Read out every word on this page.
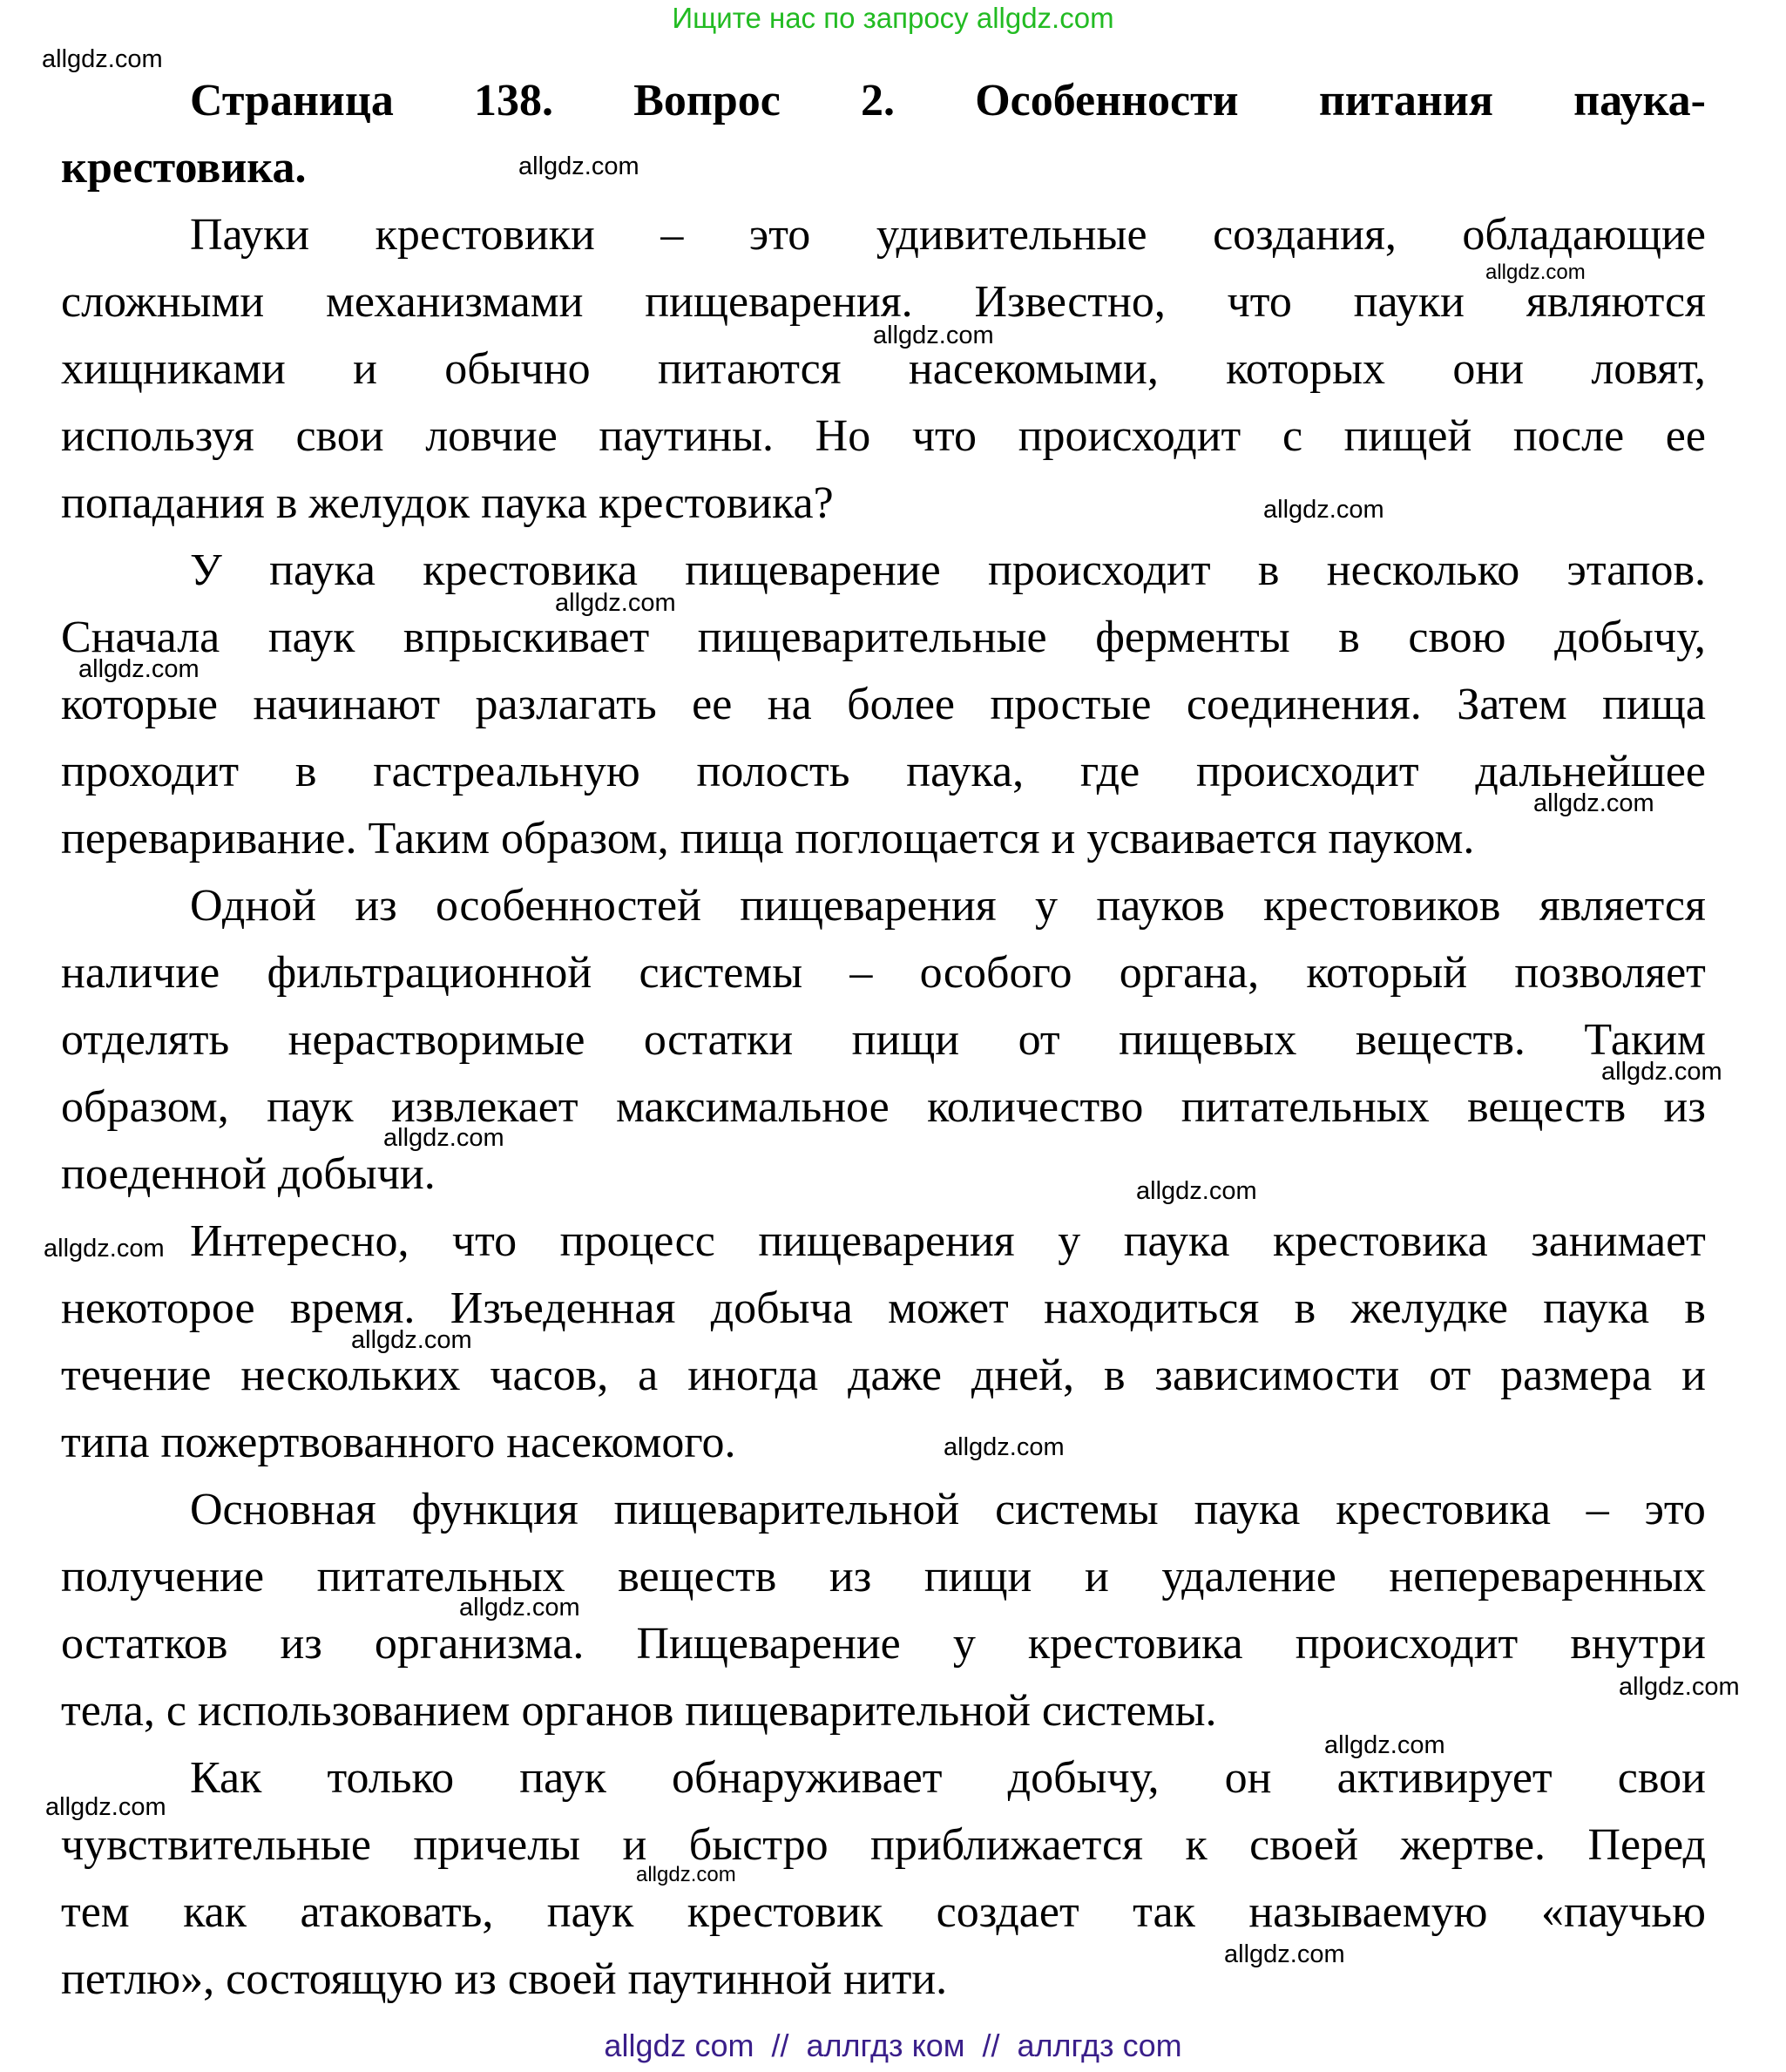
Ищите нас по запросу allgdz.com
Страница 138. Вопрос 2. Особенности питания паука-
крестовика.
Пауки крестовики – это удивительные создания, обладающие
сложными механизмами пищеварения. Известно, что пауки являются
хищниками и обычно питаются насекомыми, которых они ловят,
используя свои ловчие паутины. Но что происходит с пищей после ее
попадания в желудок паука крестовика?
У паука крестовика пищеварение происходит в несколько этапов.
Сначала паук впрыскивает пищеварительные ферменты в свою добычу,
которые начинают разлагать ее на более простые соединения. Затем пища
проходит в гастреальную полость паука, где происходит дальнейшее
переваривание. Таким образом, пища поглощается и усваивается пауком.
Одной из особенностей пищеварения у пауков крестовиков является
наличие фильтрационной системы – особого органа, который позволяет
отделять нерастворимые остатки пищи от пищевых веществ. Таким
образом, паук извлекает максимальное количество питательных веществ из
поеденной добычи.
Интересно, что процесс пищеварения у паука крестовика занимает
некоторое время. Изъеденная добыча может находиться в желудке паука в
течение нескольких часов, а иногда даже дней, в зависимости от размера и
типа пожертвованного насекомого.
Основная функция пищеварительной системы паука крестовика – это
получение питательных веществ из пищи и удаление непереваренных
остатков из организма. Пищеварение у крестовика происходит внутри
тела, с использованием органов пищеварительной системы.
Как только паук обнаруживает добычу, он активирует свои
чувствительные причелы и быстро приближается к своей жертве. Перед
тем как атаковать, паук крестовик создает так называемую «паучью
петлю», состоящую из своей паутинной нити.
allgdz.com
allgdz.com
allgdz.com
allgdz.com
allgdz.com
allgdz.com
allgdz.com
allgdz.com
allgdz.com
allgdz.com
allgdz.com
allgdz.com
allgdz.com
allgdz.com
allgdz.com
allgdz.com
allgdz.com
allgdz.com
allgdz.com
allgdz.com
allgdz com  //  аллгдз ком  //  аллгдз com
